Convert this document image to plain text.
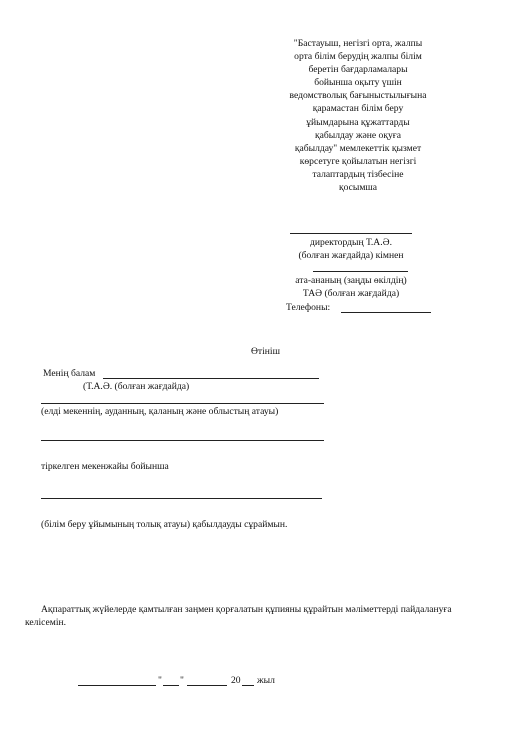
"Бастауыш, негізгі орта, жалпы
орта білім берудің жалпы білім
беретін бағдарламалары
бойынша оқыту үшін
ведомстволық бағыныстылығына
қарамастан білім беру
ұйымдарына құжаттарды
қабылдау және оқуға
қабылдау" мемлекеттік қызмет
көрсетуге қойылатын негізгі
талаптардың тізбесіне
қосымша
директордың Т.А.Ә.
(болған жағдайда) кімнен
ата-ананың (заңды өкілдің)
ТАӘ (болған жағдайда)
Телефоны:
Өтініш
Менің балам
(Т.А.Ә. (болған жағдайда)
(елді мекеннің, ауданның, қаланың және облыстың атауы)
тіркелген мекенжайы бойынша
(білім беру ұйымының толық атауы) қабылдауды сұраймын.
Ақпараттық жүйелерде қамтылған заңмен қорғалатын құпияны құрайтын мәліметтерді пайдалануға
келісемін.
" "	20 жыл
